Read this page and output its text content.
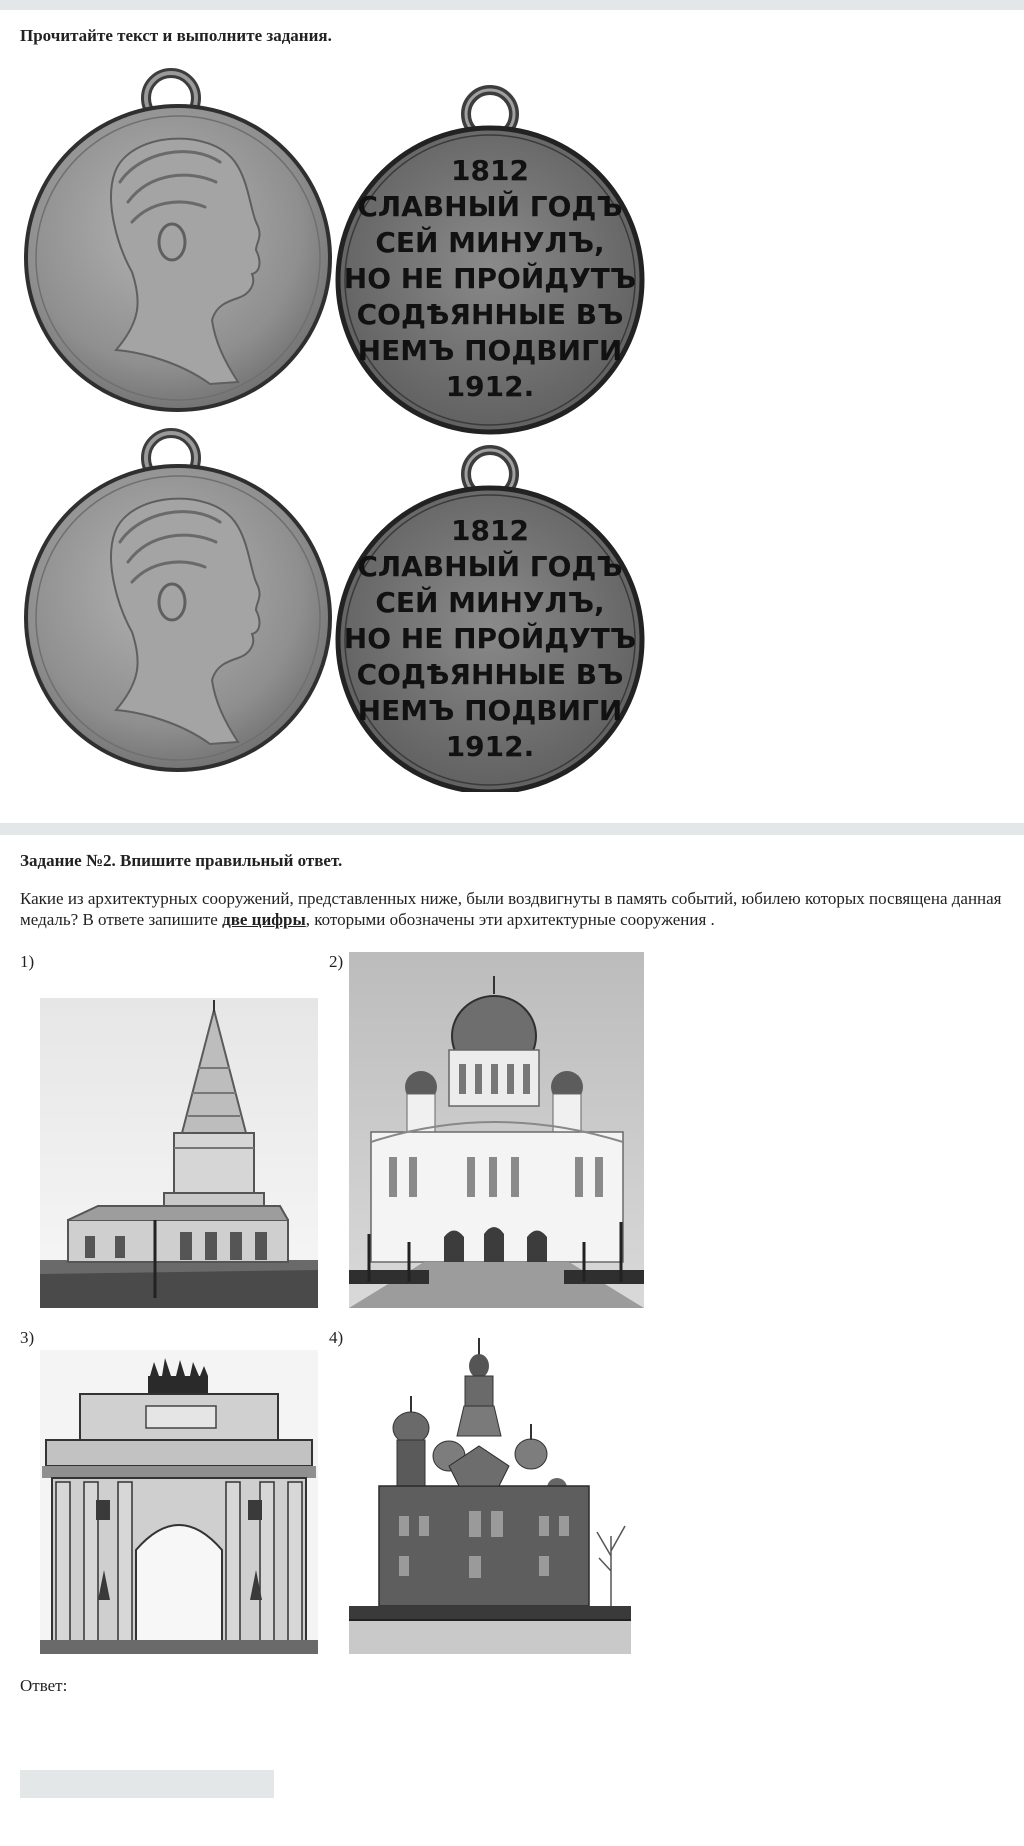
Прочитайте текст и выполните задания.
1812
СЛАВНЫЙ ГОДЪ
СЕЙ МИНУЛЪ,
НО НЕ ПРОЙДУТЪ
СОДѢЯННЫЕ ВЪ
НЕМЪ ПОДВИГИ
1912.
1812
СЛАВНЫЙ ГОДЪ
СЕЙ МИНУЛЪ,
НО НЕ ПРОЙДУТЪ
СОДѢЯННЫЕ ВЪ
НЕМЪ ПОДВИГИ
1912.
Задание №2. Впишите правильный ответ.
Какие из архитектурных сооружений, представленных ниже, были воздвигнуты в память событий, юбилею которых посвящена данная медаль? В ответе запишите две цифры, которыми обозначены эти архитектурные сооружения .
1)	2)
3)	4)
Ответ:
